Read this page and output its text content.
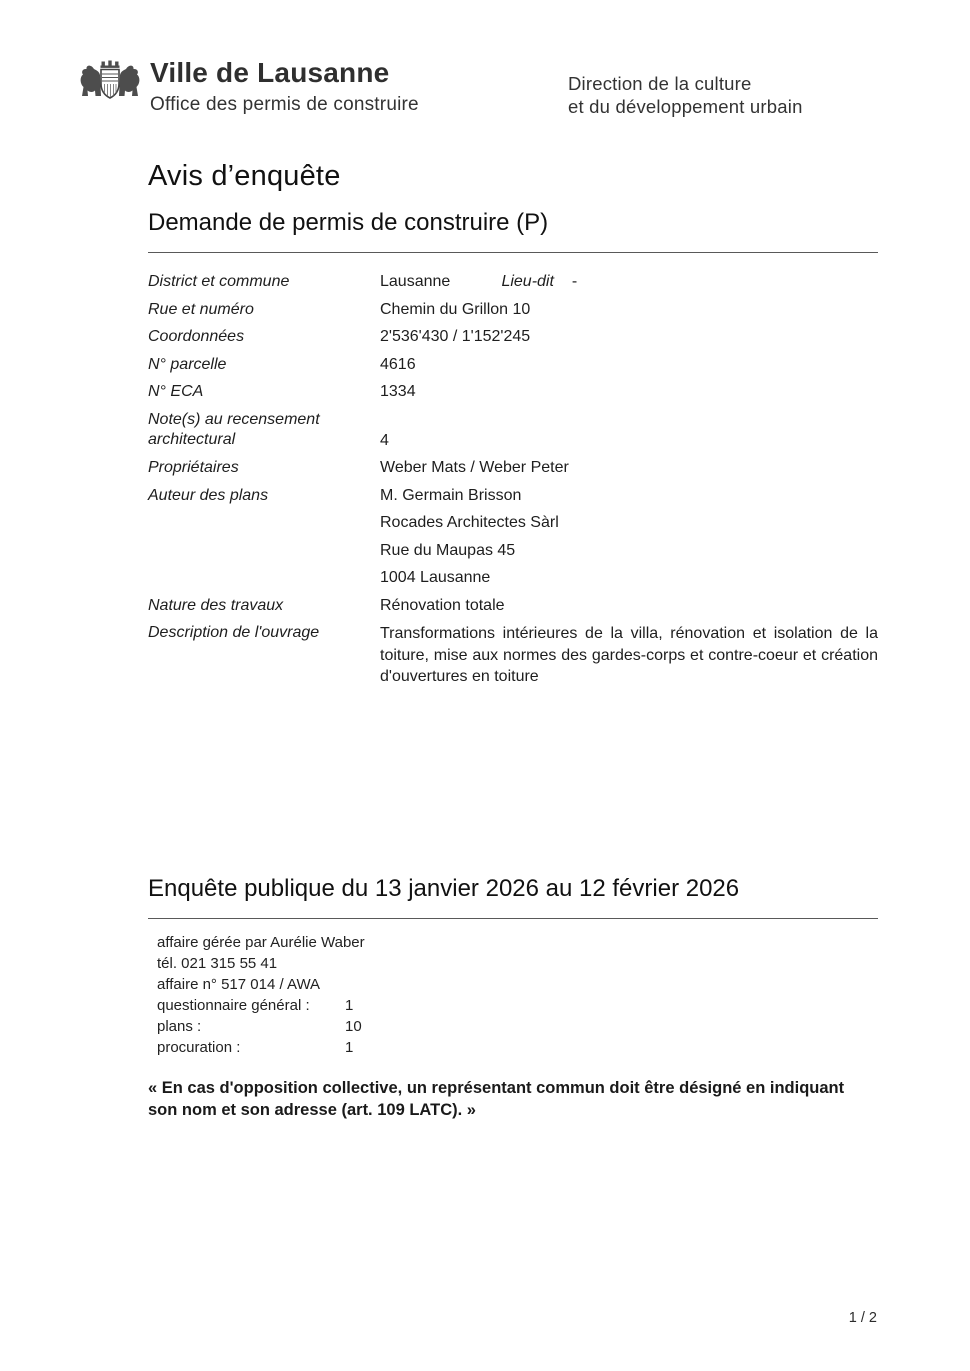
Ville de Lausanne
Office des permis de construire
Direction de la culture
et du développement urbain
Avis d’enquête
Demande de permis de construire (P)
District et commune	Lausanne	Lieu-dit -
Rue et numéro	Chemin du Grillon 10
Coordonnées	2'536'430 / 1'152'245
N° parcelle	4616
N° ECA	1334
Note(s) au recensement architectural	4
Propriétaires	Weber Mats / Weber Peter
Auteur des plans	M. Germain Brisson
Rocades Architectes Sàrl
Rue du Maupas 45
1004 Lausanne
Nature des travaux	Rénovation totale
Description de l'ouvrage	Transformations intérieures de la villa, rénovation et isolation de la toiture, mise aux normes des gardes-corps et contre-coeur et création d'ouvertures en toiture
Enquête publique du 13 janvier 2026 au 12 février 2026
affaire gérée par Aurélie Waber
tél. 021 315 55 41
affaire n° 517 014 / AWA
questionnaire général : 1
plans :	10
procuration :	1

« En cas d'opposition collective, un représentant commun doit être désigné en indiquant son nom et son adresse (art. 109 LATC). »

1 / 2
